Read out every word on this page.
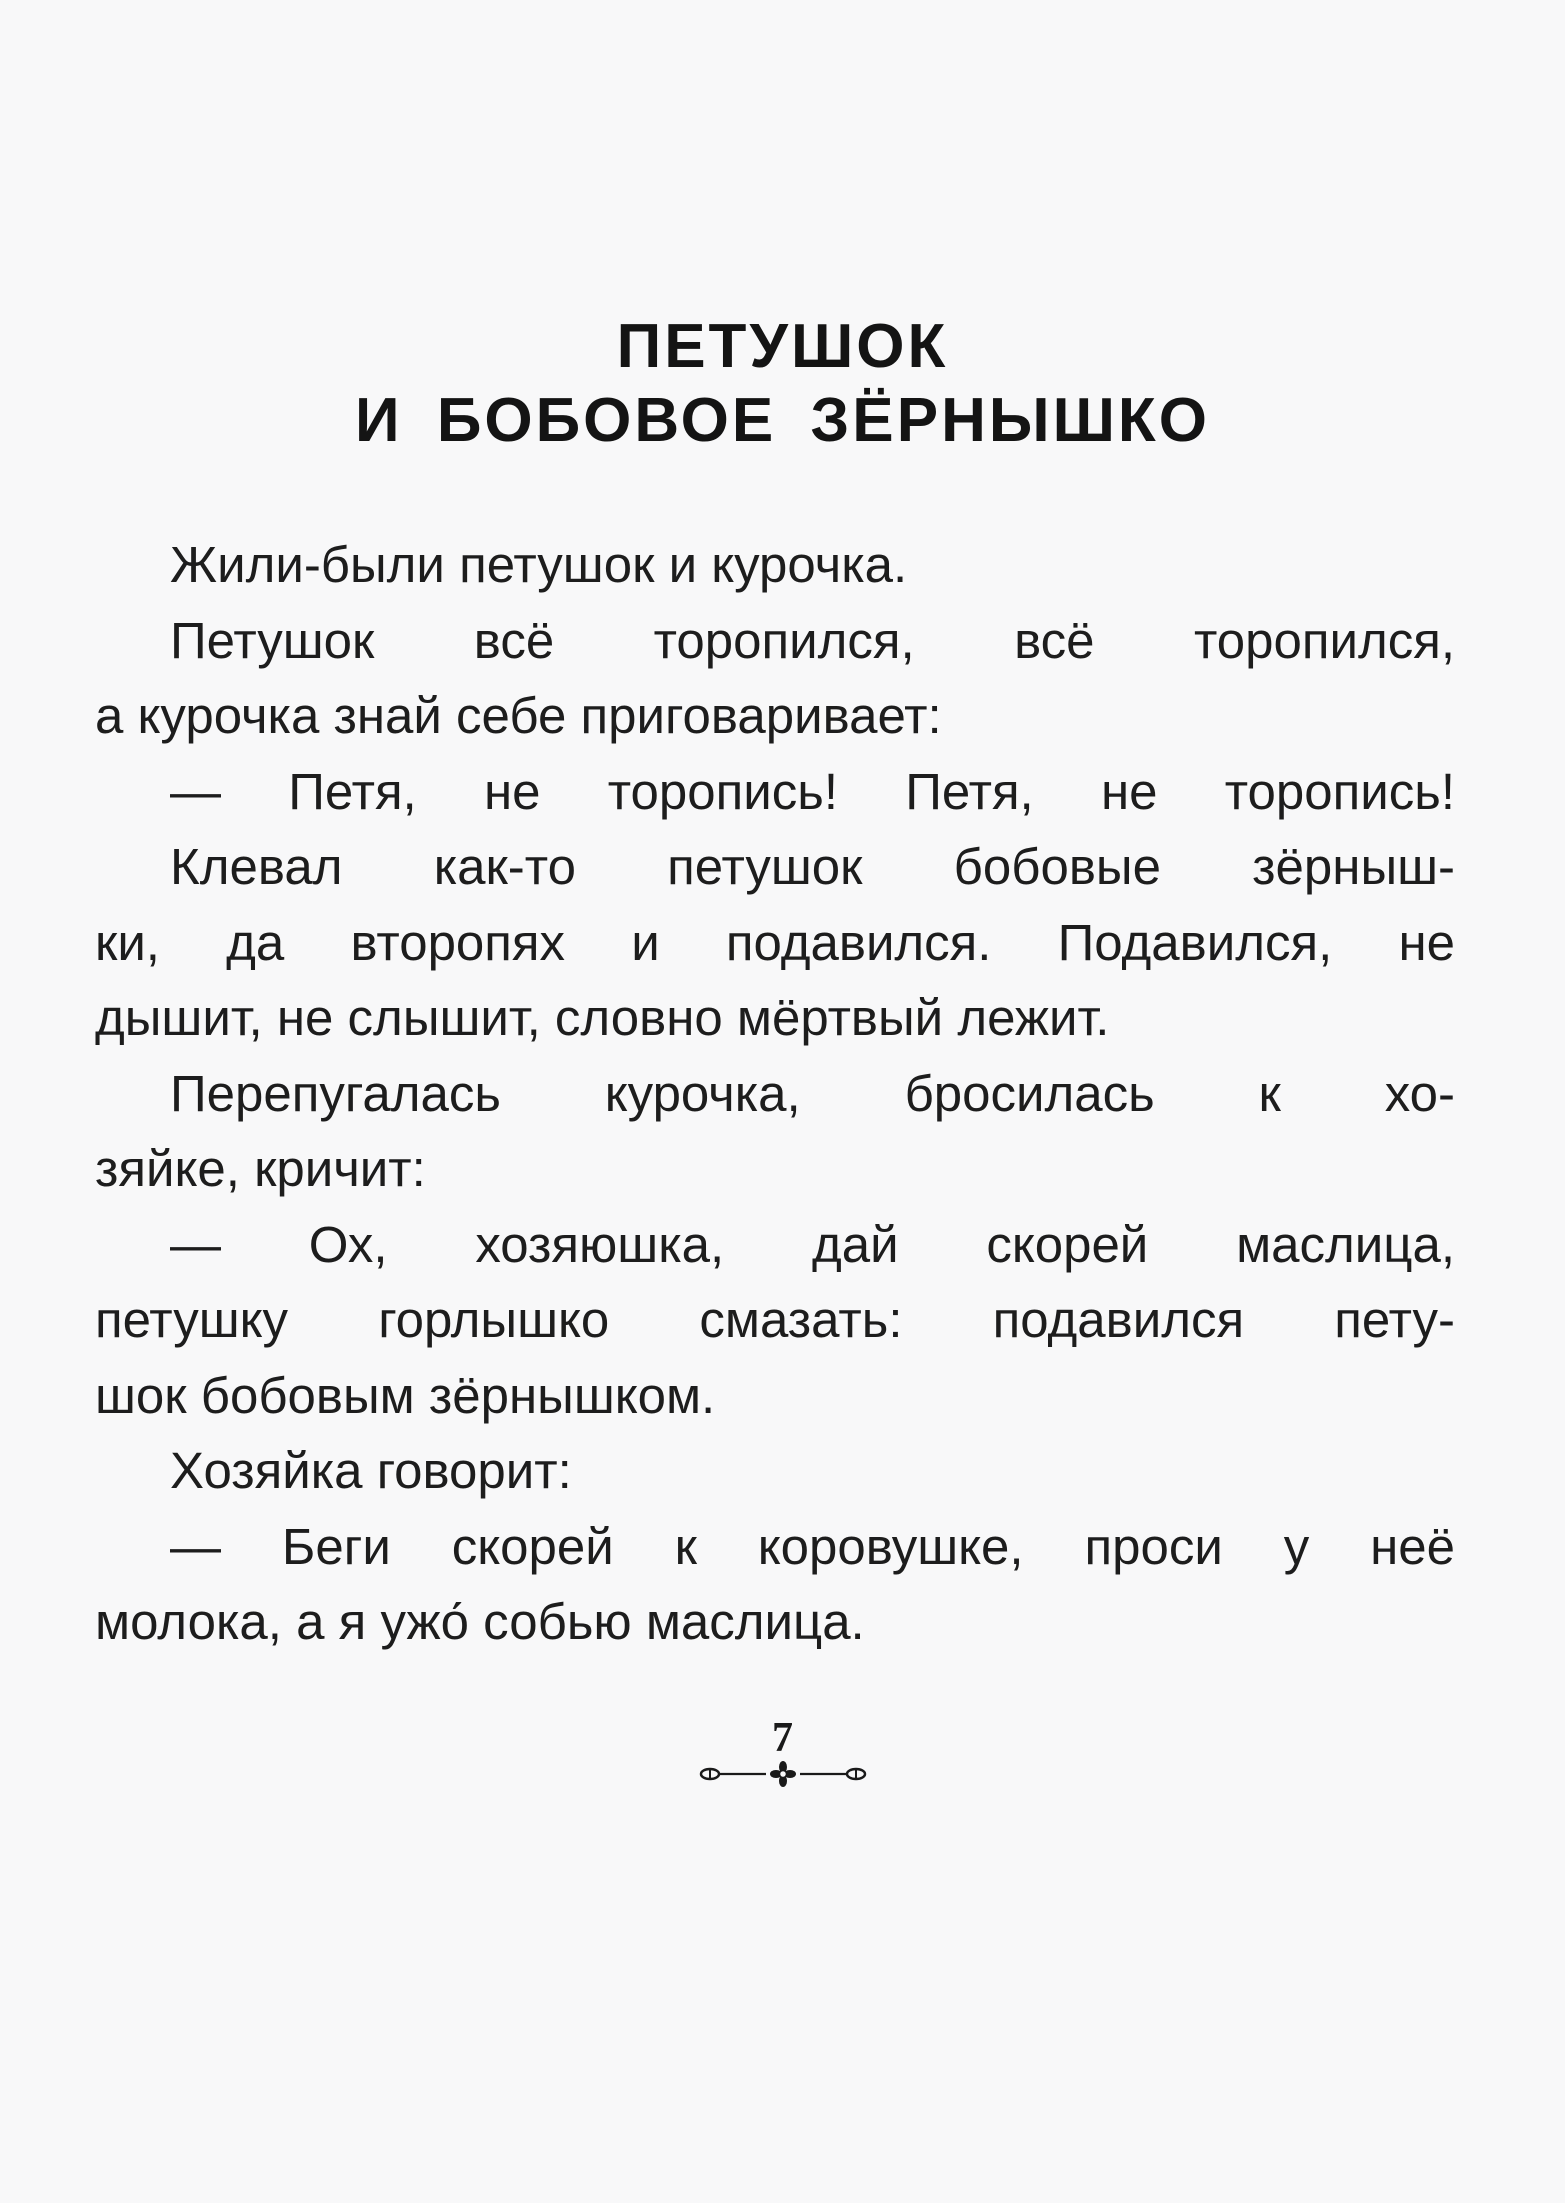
ПЕТУШОК
И БОБОВОЕ ЗЁРНЫШКО
Жили-были петушок и курочка.
Петушок всё торопился, всё торопился,
а курочка знай себе приговаривает:
— Петя, не торопись! Петя, не торопись!
Клевал как-то петушок бобовые зёрныш-
ки, да второпях и подавился. Подавился, не
дышит, не слышит, словно мёртвый лежит.
Перепугалась курочка, бросилась к хо-
зяйке, кричит:
— Ох, хозяюшка, дай скорей маслица,
петушку горлышко смазать: подавился пету-
шок бобовым зёрнышком.
Хозяйка говорит:
— Беги скорей к коровушке, проси у неё
молока, а я ужо́ собью маслица.
7
